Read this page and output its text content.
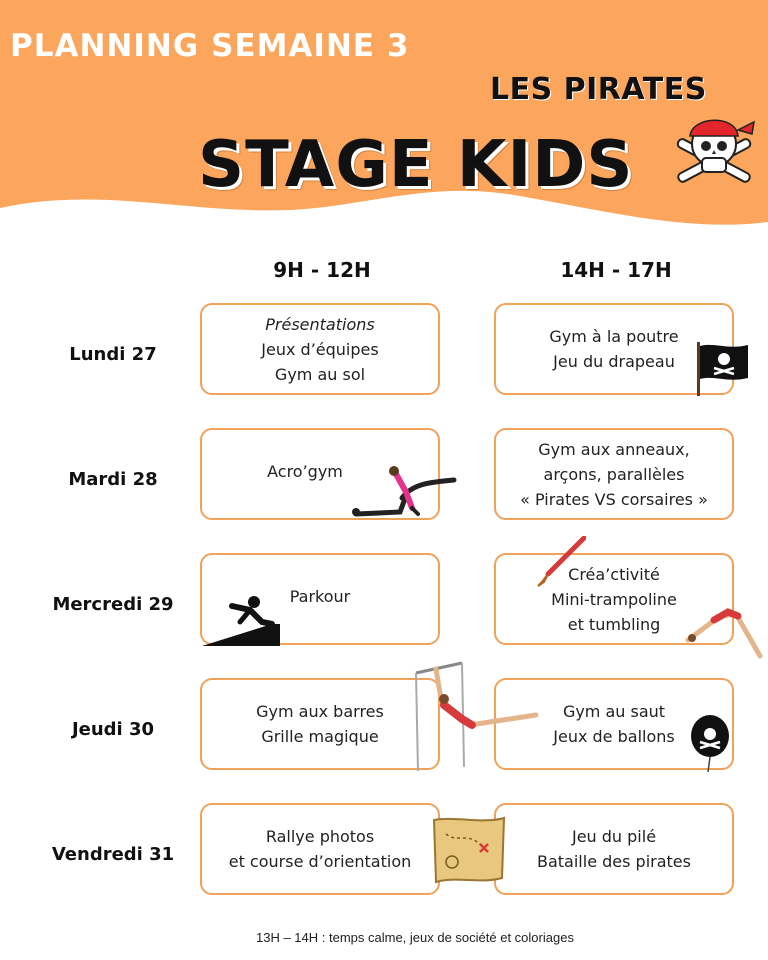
PLANNING SEMAINE 3
LES PIRATES
STAGE KIDS
9H - 12H	14H - 17H
Lundi 27
Mardi 28
Mercredi 29
Jeudi 30
Vendredi 31
Présentations
Jeux d’équipes
Gym au sol
Gym à la poutre
Jeu du drapeau
Acro’gym
Gym aux anneaux,
arçons, parallèles
« Pirates VS corsaires »
Parkour
Créa’ctivité
Mini-trampoline
et tumbling
Gym aux barres
Grille magique
Gym au saut
Jeux de ballons
Rallye photos
et course d’orientation
Jeu du pilé
Bataille des pirates
13H – 14H : temps calme, jeux de société et coloriages
